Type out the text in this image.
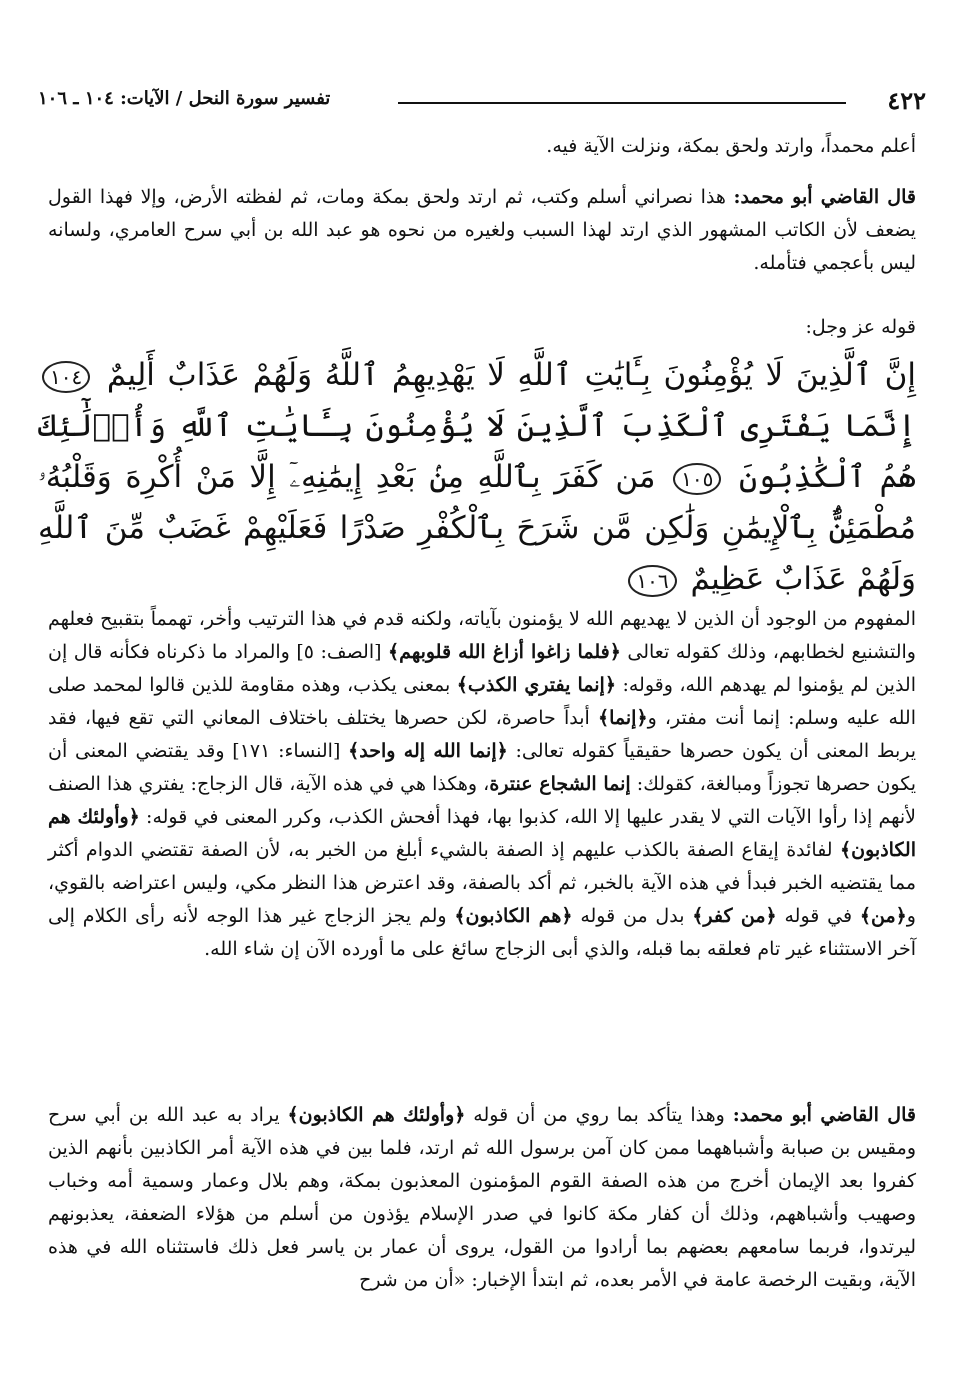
٤٢٢
تفسير سورة النحل / الآيات: ١٠٤ ـ ١٠٦

أعلم محمداً، وارتد ولحق بمكة، ونزلت الآية فيه.

قال القاضي أبو محمد: هذا نصراني أسلم وكتب، ثم ارتد ولحق بمكة ومات، ثم لفظته الأرض، وإلا فهذا القول يضعف لأن الكاتب المشهور الذي ارتد لهذا السبب ولغيره من نحوه هو عبد الله بن أبي سرح العامري، ولسانه ليس بأعجمي فتأمله.

قوله عز وجل:

إِنَّ ٱلَّذِينَ لَا يُؤْمِنُونَ بِـَٔايَٰتِ ٱللَّهِ لَا يَهْدِيهِمُ ٱللَّهُ وَلَهُمْ عَذَابٌ أَلِيمٌ ١٠٤ إِنَّمَا يَفْتَرِى ٱلْكَذِبَ ٱلَّذِينَ لَا يُؤْمِنُونَ بِـَٔايَٰتِ ٱللَّهِ وَأُو۟لَٰٓئِكَ هُمُ ٱلْكَٰذِبُونَ ١٠٥ مَن كَفَرَ بِٱللَّهِ مِنۢ بَعْدِ إِيمَٰنِهِۦٓ إِلَّا مَنْ أُكْرِهَ وَقَلْبُهُۥ مُطْمَئِنٌّۢ بِٱلْإِيمَٰنِ وَلَٰكِن مَّن شَرَحَ بِٱلْكُفْرِ صَدْرًا فَعَلَيْهِمْ غَضَبٌ مِّنَ ٱللَّهِ وَلَهُمْ عَذَابٌ عَظِيمٌ ١٠٦

المفهوم من الوجود أن الذين لا يهديهم الله لا يؤمنون بآياته، ولكنه قدم في هذا الترتيب وأخر، تهمماً بتقبيح فعلهم والتشنيع لخطابهم، وذلك كقوله تعالى ﴿فلما زاغوا أزاغ الله قلوبهم﴾ [الصف: ٥] والمراد ما ذكرناه فكأنه قال إن الذين لم يؤمنوا لم يهدهم الله، وقوله: ﴿إنما يفتري الكذب﴾ بمعنى يكذب، وهذه مقاومة للذين قالوا لمحمد صلى الله عليه وسلم: إنما أنت مفتر، و﴿إنما﴾ أبداً حاصرة، لكن حصرها يختلف باختلاف المعاني التي تقع فيها، فقد يربط المعنى أن يكون حصرها حقيقياً كقوله تعالى: ﴿إنما الله إله واحد﴾ [النساء: ١٧١] وقد يقتضي المعنى أن يكون حصرها تجوزاً ومبالغة، كقولك: إنما الشجاع عنترة، وهكذا هي في هذه الآية، قال الزجاج: يفتري هذا الصنف لأنهم إذا رأوا الآيات التي لا يقدر عليها إلا الله، كذبوا بها، فهذا أفحش الكذب، وكرر المعنى في قوله: ﴿وأولئك هم الكاذبون﴾ لفائدة إيقاع الصفة بالكذب عليهم إذ الصفة بالشيء أبلغ من الخبر به، لأن الصفة تقتضي الدوام أكثر مما يقتضيه الخبر فبدأ في هذه الآية بالخبر، ثم أكد بالصفة، وقد اعترض هذا النظر مكي، وليس اعتراضه بالقوي، و﴿من﴾ في قوله ﴿من كفر﴾ بدل من قوله ﴿هم الكاذبون﴾ ولم يجز الزجاج غير هذا الوجه لأنه رأى الكلام إلى آخر الاستثناء غير تام فعلقه بما قبله، والذي أبى الزجاج سائغ على ما أورده الآن إن شاء الله.

قال القاضي أبو محمد: وهذا يتأكد بما روي من أن قوله ﴿وأولئك هم الكاذبون﴾ يراد به عبد الله بن أبي سرح ومقيس بن صبابة وأشباههما ممن كان آمن برسول الله ثم ارتد، فلما بين في هذه الآية أمر الكاذبين بأنهم الذين كفروا بعد الإيمان أخرج من هذه الصفة القوم المؤمنون المعذبون بمكة، وهم بلال وعمار وسمية أمه وخباب وصهيب وأشباههم، وذلك أن كفار مكة كانوا في صدر الإسلام يؤذون من أسلم من هؤلاء الضعفة، يعذبونهم ليرتدوا، فربما سامعهم بعضهم بما أرادوا من القول، يروى أن عمار بن ياسر فعل ذلك فاستثناه الله في هذه الآية، وبقيت الرخصة عامة في الأمر بعده، ثم ابتدأ الإخبار: «أن من شرح
